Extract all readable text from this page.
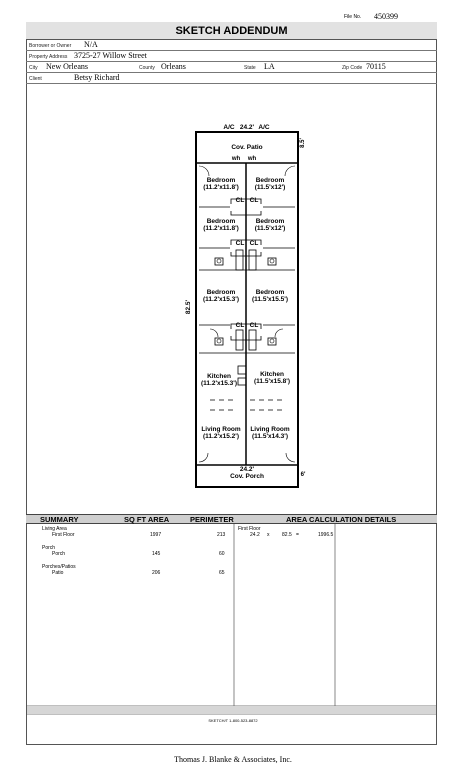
File No. 450399
SKETCH ADDENDUM
Borrower or Owner N/A
Property Address 3725-27 Willow Street
City New Orleans	County Orleans	State LA	Zip Code 70115
Client	Betsy Richard
A/C 24.2' A/C
8.5'
Cov. Patio
wh wh
Bedroom
(11.2'x11.8')
Bedroom
(11.5'x12')
CL CL
Bedroom
(11.2'x11.8')
Bedroom
(11.5'x12')
CL CL
82.5'
Bedroom
(11.2'x15.3')
Bedroom
(11.5'x15.5')
CL CL
Kitchen
(11.2'x15.3')
Kitchen
(11.5'x15.8')
Living Room
(11.2'x15.2')
Living Room
(11.5'x14.3')
24.2'
Cov. Porch	6'
SUMMARY	SQ FT AREA	PERIMETER	AREA CALCULATION DETAILS
Living Area
First Floor	1997	213
Porch
Porch	145	60
Porches/Patios
Patio	206	65
First Floor
24.2 x	82.5 =	1996.5
SKETCH/T 1-800-523-8872
Thomas J. Blanke & Associates, Inc.
